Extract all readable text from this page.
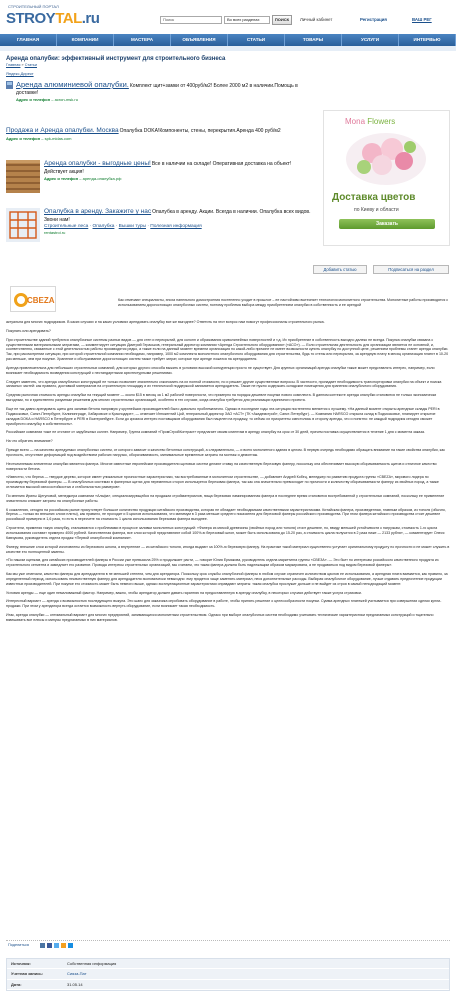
СТРОИТЕЛЬНЫЙ ПОРТАЛ
STROYTAL.ru	Поиск	Во всех разделах	ПОИСК	Личный кабинет	Регистрация	ВАШ РЕГ
ГЛАВНАЯ	КОМПАНИИ	МАСТЕРА	ОБЪЯВЛЕНИЯ	СТАТЬИ	ТОВАРЫ	УСЛУГИ	ИНТЕРВЬЮ
Аренда опалубки: эффективный инструмент для строительного бизнеса
Главная » Статьи
Яндекс.Директ
Аренда алюминиевой опалубки. Комплект щит+замки от 400руб/м2! Более 2000 м2 в наличии.Помощь в доставке!
Адрес и телефон – acron-msk.ru
Продажа и Аренда опалубки. Москва Опалубка DOKA!Компоненты, стены, перекрытия.Аренда 400 руб/м2
Адрес и телефон – spk-midas.com
Аренда опалубки - выгодные цены! Все в наличии на складе! Оперативная доставка на объект! Действует акция!
Адрес и телефон – аренда-опалубка.рф
Опалубка в аренду. Закажите у нас Опалубка в аренду. Акции. Всегда в наличии. Опалубка всех видов. Звони нам!

Строительные леса · Опалубка · Вышки туры · Полезная информация
rentastroi.ru
Mona Flowers
Доставка цветов
по Киеву и области
Заказать
Добавить статью	Подписаться на раздел
СВЕZА	Как отмечают специалисты, эпоха панельного домостроения постепенно уходит в прошлое – ее настойчиво вытесняет технология монолитного строительства. Монолитные работы производятся с использованием дорогостоящих опалубочных систем, поэтому проблема выбора между приобретением опалубки в собственность и ее арендой

актуальна для многих подрядчиков. В каких случаях и на каких условиях арендовать опалубку все же выгоднее? Ответить на этот вопрос нам помогут профессионалы строительного рынка.

Покупать или арендовать?

При строительстве зданий требуются опалубочные системы разных видов — для стен и перекрытий, для колонн и образования криволинейных поверхностей и т.д. Их приобретение в собственность выгодно далеко не всегда. Покупка опалубки связана с существенными материальными затратами, — комментирует ситуацию Дмитрий Гераськов, генеральный директор компании «Аренда Строительного оборудования» («АСО»). — Если строительная деятельность для организации является не основной, и, соответственно, связанные с этой деятельностью работы производятся редко, а также если на данный момент времени организация по какой-либо причине не имеет возможности купить опалубку по доступной цене, решением проблемы станет аренда опалубки. Так, при рассмотрении ситуации, при которой строительной компании необходимо, например, 1000 м2 комплекта монолитного опалубочного оборудования для строительства, будь то стены или перекрытия, за арендную плату в месяц организация платит в 10-20 раз меньше, чем при покупке. Хранение и обслуживание дорогостоящих систем также требует затрат, которые при аренде ложатся на арендодателя.

Аренда привлекательна для небольших строительных компаний, для которых другого способа выжить в условиях высокой конкуренции просто не существует. Для крупных организаций аренда опалубки также может представлять интерес, например, если возникает необходимость возведения конструкций с нестандартными архитектурными решениями.

Следует заметить, что аренда опалубочных конструкций не только позволяет значительно сэкономить на их полной стоимости, но и решает другие существенные вопросы. В частности, пропадает необходимость транспортировки опалубки на объект и поиска запасных частей: как правило, доставкой материалов на строительную площадку и их технической поддержкой занимается арендодатель. Также не нужно содержать складские помещения для хранения опалубочного оборудования.

Средняя рыночная стоимость аренды опалубки на текущий момент — около $15 в месяц за 1 м2 рабочей поверхности, что примерно на порядок дешевле покупки нового комплекта. В данном контексте аренда опалубки становится не только экономически выгодным, но и единственно разумным решением для многих строительных организаций, особенно в тех случаях, когда опалубка требуется для реализации единичного проекта.

Еще не так давно арендовать щиты для заливки бетона напрямую у крупнейших производителей было довольно проблематично. Однако в последние годы эта ситуация постепенно меняется к лучшему. «На данный момент открыты арендные склады PERI в Подмосковье, Санкт-Петербурге, Калининграде, Хабаровске и Краснодаре», — отмечает Иннокентий Цой, генеральный директор ЗАО «АСТ» (ТК «Академстрой», Санкт-Петербург). — Компания HARSCO открыла склад в Подмосковье, планирует открытие складов DOKA и HARSCO в Петербурге и PERI в Екатеринбурге. Если до кризиса интерес поставщиков оборудования был нацелен на продажу, то сейчас их приоритеты сместились в сторону аренды, что и понятно: не каждый подрядчик сегодня сможет приобрести опалубку в собственность».

Российские компании тоже не отстают от зарубежных коллег. Например, Группа компаний «ПромСтройКонтракт» предлагает своим клиентам в аренду опалубку на срок от 30 дней, причем поставка осуществляется в течение 1 дня с момента заказа.

На что обратить внимание?

Прежде всего — на качество арендуемых опалубочных систем, от которого зависит и качество бетонных конструкций, а следовательно, — и всего монолитного здания в целом. В первую очередь необходимо обращать внимание на такие свойства опалубки, как прочность, отсутствие деформаций под воздействием рабочих нагрузок, оборачиваемость, минимальные временные затраты на монтаж и демонтаж.

Неотъемлемым элементом опалубки является фанера. Многие известные европейские производители щитовых систем делают ставку на качественную березовую фанеру, поскольку она обеспечивает высокую оборачиваемость щитов и отличное качество поверхности бетона.

«Известно, что береза — твердое дерево, которое имеет уникальные прочностные характеристики, так востребованные в монолитном строительстве, — добавляет Андрей Кобец, менеджер по развитию продукта группы «СВЕZА», мирового лидера по производству березовой фанеры. — В опалубочных системах в фанерных щитах для переменных сторон используется березовая фанера, так как она значительно превосходит по прочности и количеству оборачиваемости фанеру из хвойных пород, а также отличается высокой износостойкостью и стабильностью размеров».

По мнению Ирины Щегуновой, менеджера компании «Альфа», специализирующейся на продажах стройматериалов, пища березовая ламинированная фанера в последнее время становится востребованной у строительных компаний, поскольку ее применение значительно снижает затраты на опалубочные работы.

К сожалению, сегодня на российском рынке присутствует большое количество продукции китайского производства, которая не обладает необходимыми качественными характеристиками. Китайская фанера, произведенная, главным образом, из тополя (обычно, береза — только во внешних слоях плиты), как правило, не проходит и 5 циклов использования, что минимум в 3 раза меньше среднего показателя для березовой фанеры российского производства. При этом фанера китайского производства стоит дешевле российской примерно в 1,6 раза, то есть в пересчете на стоимость 1 цикла использования березовая фанера выгоднее.

Строители, применяя такую опалубку, сталкиваются с проблемами в процессе заливки монолитных конструкций: «Фанера из мягкой древесины (хвойных пород или тополя) стоит дешевле, но, ввиду меньшей устойчивости к нагрузкам, стоимость 1-го цикла использования составит примерно 4000 рублей. Качественная фанера, все слои которой представляют собой 100%-ю березовый шпон, может быть использована до 15-20 раз, а стоимость цикла получится в 2 раза ниже — 2133 рубля», — комментирует Олеся Кавчукова, руководитель отдела продаж «Первой опалубочной компании».

Фанеру, внешние слои которой изготовлены из березового шпона, а внутренние — из китайского тополя, иногда выдают за 100%-ю березовую фанеру. На практике такой материал существенно уступает оригинальному продукту по прочности и не может служить в качестве его полноценной замены.

«По нашим оценкам, для китайских производителей фанеры в России уже превысила 25% и продолжает расти, — говорит Юлия Ермакова, руководитель отдела маркетинга группы «СВЕЗА». — Это бьет по интересам российского качественного продукта из строительного сегмента и замедляет его развитие. Провода интересы строительных организаций, мы считаем, что такая фанера должна быть надлежащим образом маркирована, а не продаваться под видом березовой фанеры».

Как мы уже отмечали, качество фанеры для арендодателя в не меньшей степени, чем для арендатора. Поскольку срок службы опалубочной фанеры в любом случае ограничен количеством циклов ее использования, а арендная плата взимается, как правило, за определенный период, использовать некачественную фанеру для арендодателя экономически невыгодно: ему придется чаще заменять материал, неся дополнительные расходы. Выбирая опалубочное оборудование, лучше отдавать предпочтение продукции известных производителей. При покупке его стоимость может быть немного выше, однако эксплуатационные характеристики оправдают затраты: такая опалубка прослужит дольше и не выйдет из строя в самый неподходящий момент.

Условия аренды — еще один немаловажный фактор. Например, важно, чтобы арендатор должен давать гарантию на предоставленную в аренду опалубку, в некоторых случаях действует также услуга страховки.

Интересный вариант — аренда с возможностью последующего выкупа. Это шанс для заказчика опробовать оборудование в работе, чтобы принять решение о целесообразности покупки. Сумма арендных платежей учитывается при совершении сделки купли-продажи. При этом у арендатора всегда остается возможность вернуть оборудование, если возникает такая необходимость.

Итак, аренда опалубки — оптимальный вариант для многих предприятий, занимающихся монолитным строительством. Однако при выборе опалубочных систем необходимо учитывать технические характеристики предлагаемых конструкций и тщательно взвешивать все плюсы и минусы предлагаемых в них материалов.

Поделиться
Источник:	Собственная информация
Учетная запись:	Сияза-Пат
Дата:	31.05.14
